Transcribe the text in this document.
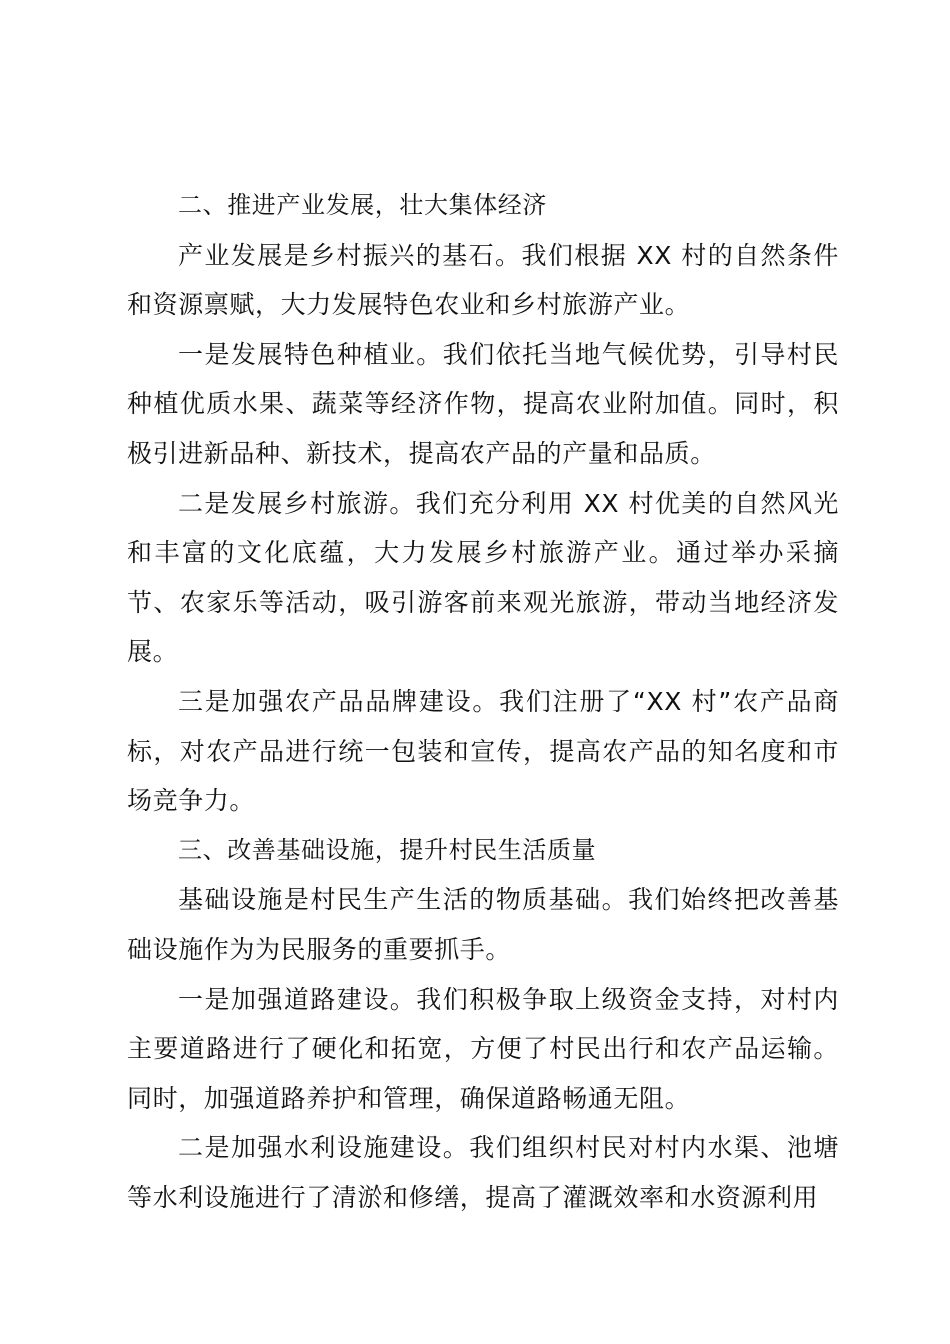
二、推进产业发展，壮大集体经济

产业发展是乡村振兴的基石。我们根据 XX 村的自然条件和资源禀赋，大力发展特色农业和乡村旅游产业。

一是发展特色种植业。我们依托当地气候优势，引导村民种植优质水果、蔬菜等经济作物，提高农业附加值。同时，积极引进新品种、新技术，提高农产品的产量和品质。

二是发展乡村旅游。我们充分利用 XX 村优美的自然风光和丰富的文化底蕴，大力发展乡村旅游产业。通过举办采摘节、农家乐等活动，吸引游客前来观光旅游，带动当地经济发展。

三是加强农产品品牌建设。我们注册了“XX 村”农产品商标，对农产品进行统一包装和宣传，提高农产品的知名度和市场竞争力。

三、改善基础设施，提升村民生活质量

基础设施是村民生产生活的物质基础。我们始终把改善基础设施作为为民服务的重要抓手。

一是加强道路建设。我们积极争取上级资金支持，对村内主要道路进行了硬化和拓宽，方便了村民出行和农产品运输。同时，加强道路养护和管理，确保道路畅通无阻。

二是加强水利设施建设。我们组织村民对村内水渠、池塘等水利设施进行了清淤和修缮，提高了灌溉效率和水资源利用
